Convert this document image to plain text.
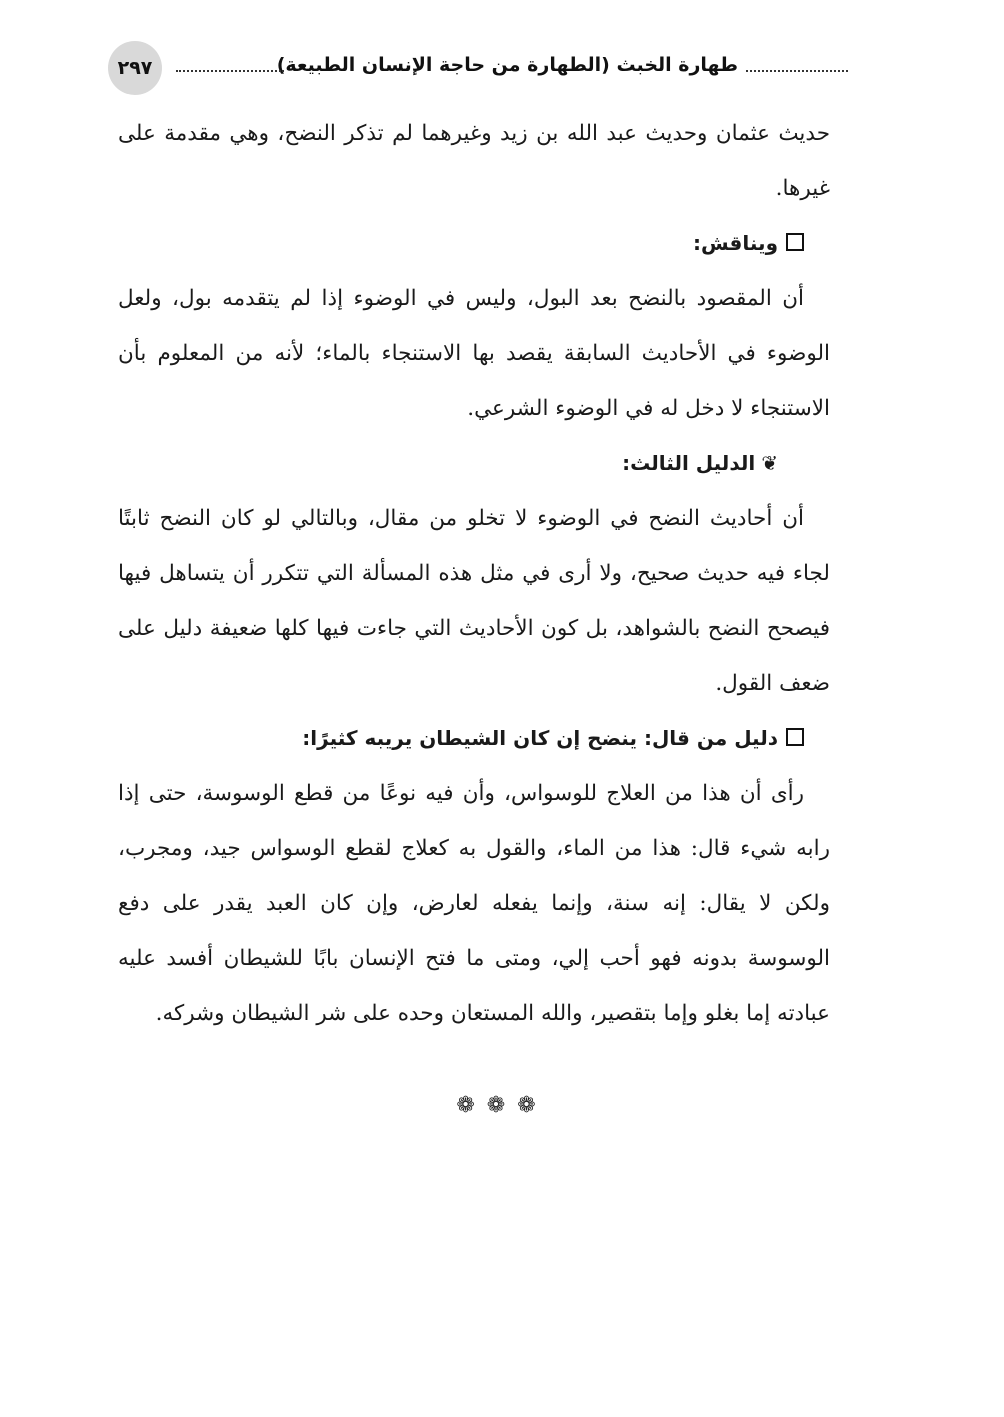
طهارة الخبث (الطهارة من حاجة الإنسان الطبيعة)
٢٩٧

حديث عثمان وحديث عبد الله بن زيد وغيرهما لم تذكر النضح، وهي مقدمة على غيرها.

ويناقش:

أن المقصود بالنضح بعد البول، وليس في الوضوء إذا لم يتقدمه بول، ولعل الوضوء في الأحاديث السابقة يقصد بها الاستنجاء بالماء؛ لأنه من المعلوم بأن الاستنجاء لا دخل له في الوضوء الشرعي.

❦الدليل الثالث:

أن أحاديث النضح في الوضوء لا تخلو من مقال، وبالتالي لو كان النضح ثابتًا لجاء فيه حديث صحيح، ولا أرى في مثل هذه المسألة التي تتكرر أن يتساهل فيها فيصحح النضح بالشواهد، بل كون الأحاديث التي جاءت فيها كلها ضعيفة دليل على ضعف القول.

دليل من قال: ينضح إن كان الشيطان يريبه كثيرًا:

رأى أن هذا من العلاج للوسواس، وأن فيه نوعًا من قطع الوسوسة، حتى إذا رابه شيء قال: هذا من الماء، والقول به كعلاج لقطع الوسواس جيد، ومجرب، ولكن لا يقال: إنه سنة، وإنما يفعله لعارض، وإن كان العبد يقدر على دفع الوسوسة بدونه فهو أحب إلي، ومتى ما فتح الإنسان بابًا للشيطان أفسد عليه عبادته إما بغلو وإما بتقصير، والله المستعان وحده على شر الشيطان وشركه.

❁❁❁
